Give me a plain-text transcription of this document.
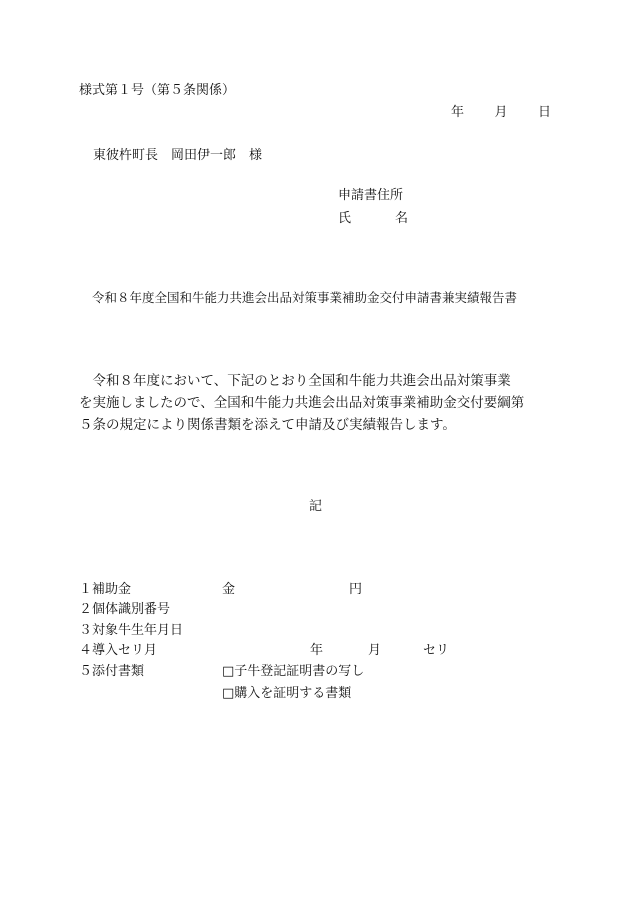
様式第１号（第５条関係）
年 月 日
東彼杵町長　岡田伊一郎　様
申請書住所
氏	名
令和８年度全国和牛能力共進会出品対策事業補助金交付申請書兼実績報告書

　令和８年度において、下記のとおり全国和牛能力共進会出品対策事業

を実施しましたので、全国和牛能力共進会出品対策事業補助金交付要綱第

５条の規定により関係書類を添えて申請及び実績報告します。

記
１補助金	金	円
２個体識別番号
３対象牛生年月日
４導入セリ月	年	月	セリ
５添付書類	□子牛登記証明書の写し
□購入を証明する書類
